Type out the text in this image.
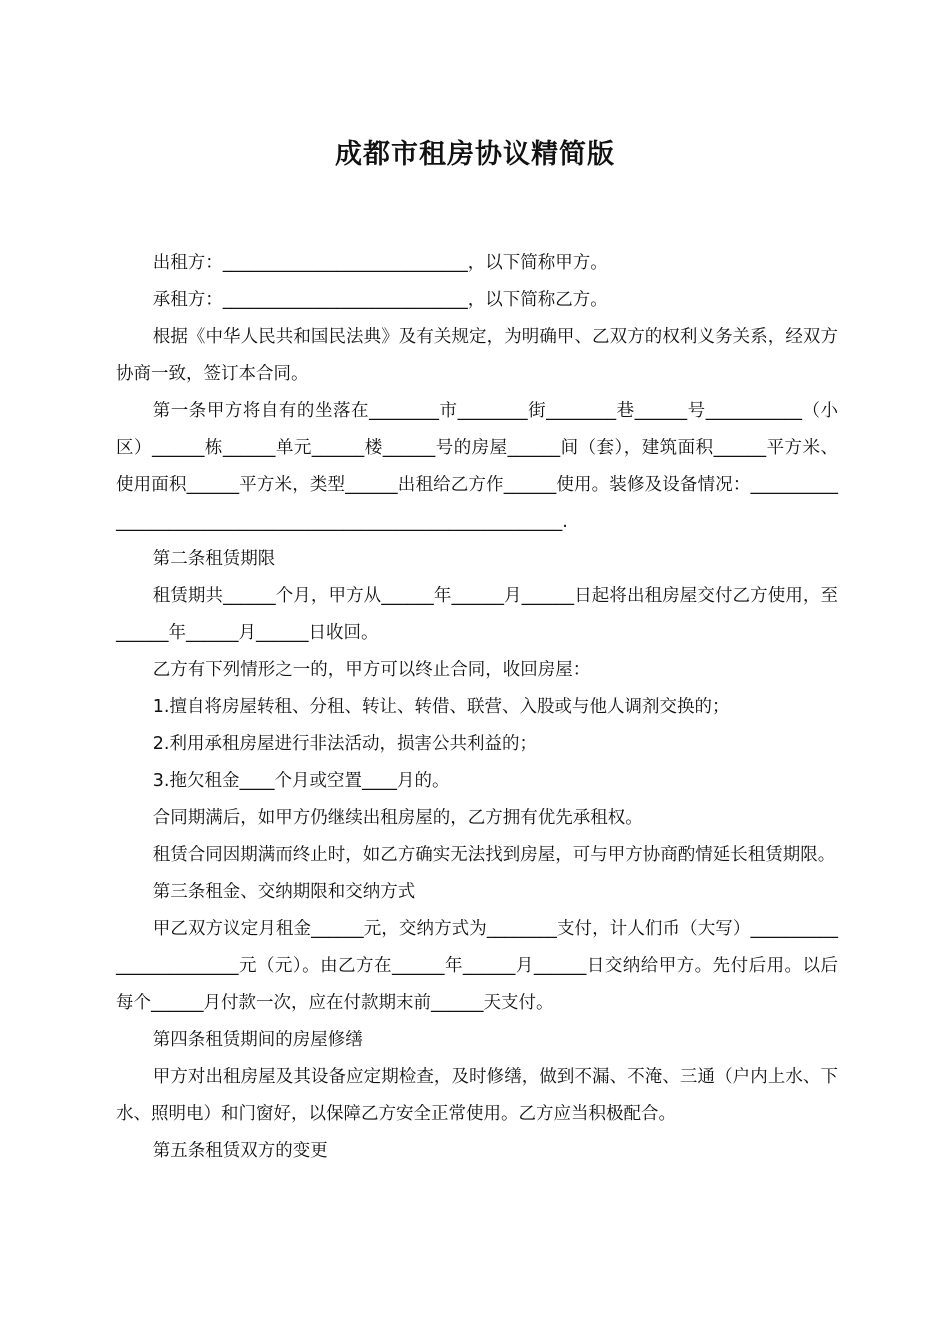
成都市租房协议精简版

出租方：____________________________，以下简称甲方。

承租方：____________________________，以下简称乙方。

根据《中华人民共和国民法典》及有关规定，为明确甲、乙双方的权利义务关系，经双方协商一致，签订本合同。

第一条甲方将自有的坐落在________市________街________巷______号___________（小区）______栋______单元______楼______号的房屋______间（套），建筑面积______平方米、使用面积______平方米，类型______出租给乙方作______使用。装修及设备情况：_____________________________________________________________.

第二条租赁期限

租赁期共______个月，甲方从______年______月______日起将出租房屋交付乙方使用，至______年______月______日收回。

乙方有下列情形之一的，甲方可以终止合同，收回房屋：

1.擅自将房屋转租、分租、转让、转借、联营、入股或与他人调剂交换的；

2.利用承租房屋进行非法活动，损害公共利益的；

3.拖欠租金____个月或空置____月的。

合同期满后，如甲方仍继续出租房屋的，乙方拥有优先承租权。

租赁合同因期满而终止时，如乙方确实无法找到房屋，可与甲方协商酌情延长租赁期限。

第三条租金、交纳期限和交纳方式

甲乙双方议定月租金______元，交纳方式为________支付，计人们币（大写）________________________元（元）。由乙方在______年______月______日交纳给甲方。先付后用。以后每个______月付款一次，应在付款期末前______天支付。

第四条租赁期间的房屋修缮

甲方对出租房屋及其设备应定期检查，及时修缮，做到不漏、不淹、三通（户内上水、下水、照明电）和门窗好，以保障乙方安全正常使用。乙方应当积极配合。

第五条租赁双方的变更
